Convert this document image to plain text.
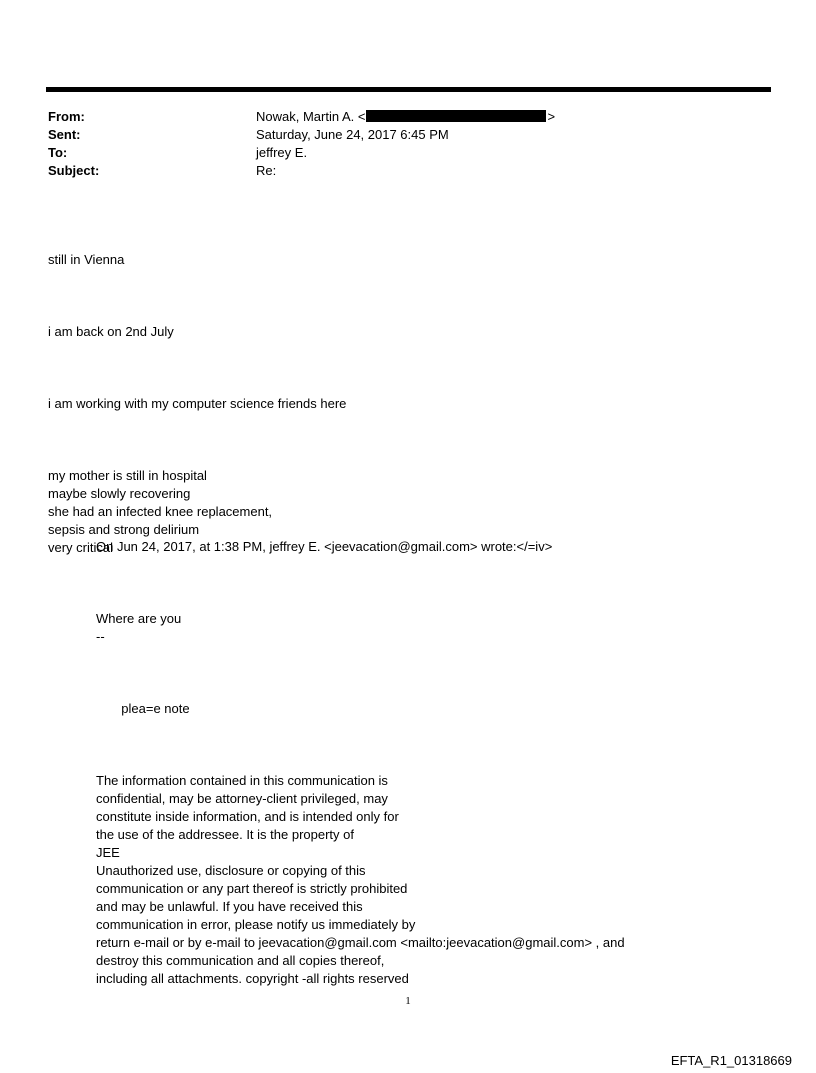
From:	Nowak, Martin A. <	>
Sent:	Saturday, June 24, 2017 6:45 PM
To:	jeffrey E.
Subject:	Re:

still in Vienna

i am back on 2nd July

i am working with my computer science friends here

my mother is still in hospital
maybe slowly recovering
she had an infected knee replacement,
sepsis and strong delirium
very critical

On Jun 24, 2017, at 1:38 PM, jeffrey E. <jeevacation@gmail.com> wrote:</=iv>

Where are you
--

plea=e note

The information contained in this communication is
confidential, may be attorney-client privileged, may
constitute inside information, and is intended only for
the use of the addressee. It is the property of
JEE
Unauthorized use, disclosure or copying of this
communication or any part thereof is strictly prohibited
and may be unlawful. If you have received this
communication in error, please notify us immediately by
return e-mail or by e-mail to jeevacation@gmail.com <mailto:jeevacation@gmail.com> , and
destroy this communication and all copies thereof,
including all attachments. copyright -all rights reserved

1
EFTA_R1_01318669
